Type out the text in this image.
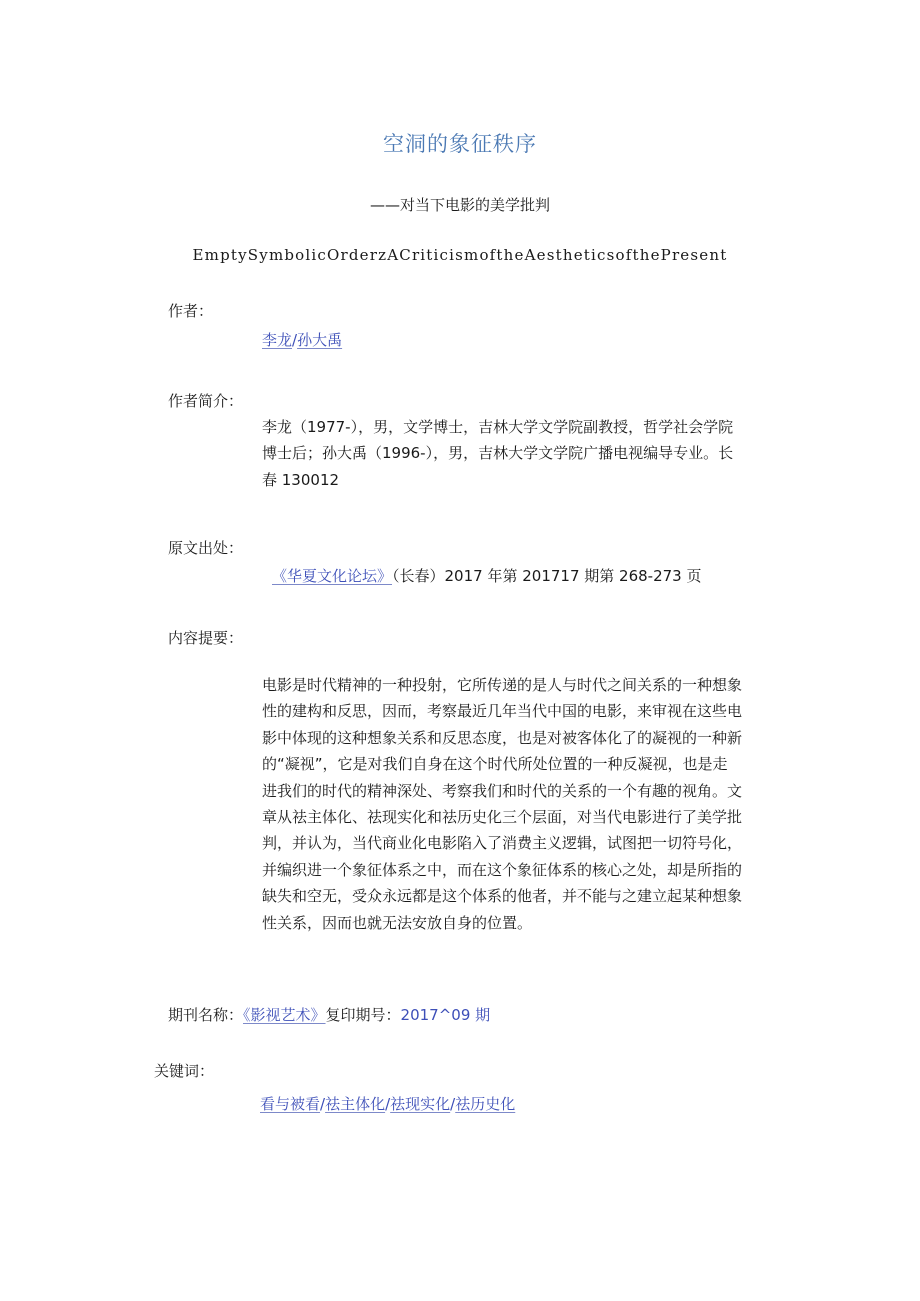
空洞的象征秩序
——对当下电影的美学批判
EmptySymbolicOrderzACriticismoftheAestheticsofthePresent
作者：
李龙/孙大禹
作者简介：
李龙（1977-），男，文学博士，吉林大学文学院副教授，哲学社会学院
博士后；孙大禹（1996-），男，吉林大学文学院广播电视编导专业。长
春 130012
原文出处：
《华夏文化论坛》（长春）2017 年第 201717 期第 268-273 页
内容提要：
电影是时代精神的一种投射，它所传递的是人与时代之间关系的一种想象
性的建构和反思，因而，考察最近几年当代中国的电影，来审视在这些电
影中体现的这种想象关系和反思态度，也是对被客体化了的凝视的一种新
的“凝视”，它是对我们自身在这个时代所处位置的一种反凝视，也是走
进我们的时代的精神深处、考察我们和时代的关系的一个有趣的视角。文
章从祛主体化、祛现实化和祛历史化三个层面，对当代电影进行了美学批
判，并认为，当代商业化电影陷入了消费主义逻辑，试图把一切符号化，
并编织进一个象征体系之中，而在这个象征体系的核心之处，却是所指的
缺失和空无，受众永远都是这个体系的他者，并不能与之建立起某种想象
性关系，因而也就无法安放自身的位置。
期刊名称：《影视艺术》复印期号：2017^09 期
关键词：
看与被看/祛主体化/祛现实化/祛历史化
